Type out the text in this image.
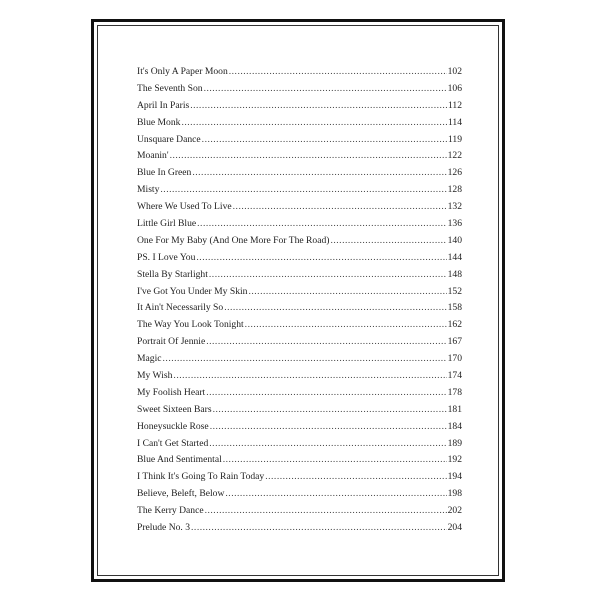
It's Only A Paper Moon .....	102
The Seventh Son .....	106
April In Paris .....	112
Blue Monk .....	114
Unsquare Dance .....	119
Moanin' .....	122
Blue In Green .....	126
Misty .....	128
Where We Used To Live .....	132
Little Girl Blue .....	136
One For My Baby (And One More For The Road) .....	140
PS. I Love You .....	144
Stella By Starlight .....	148
I've Got You Under My Skin .....	152
It Ain't Necessarily So .....	158
The Way You Look Tonight .....	162
Portrait Of Jennie .....	167
Magic .....	170
My Wish .....	174
My Foolish Heart .....	178
Sweet Sixteen Bars .....	181
Honeysuckle Rose .....	184
I Can't Get Started .....	189
Blue And Sentimental .....	192
I Think It's Going To Rain Today .....	194
Believe, Beleft, Below .....	198
The Kerry Dance .....	202
Prelude No. 3 .....	204
